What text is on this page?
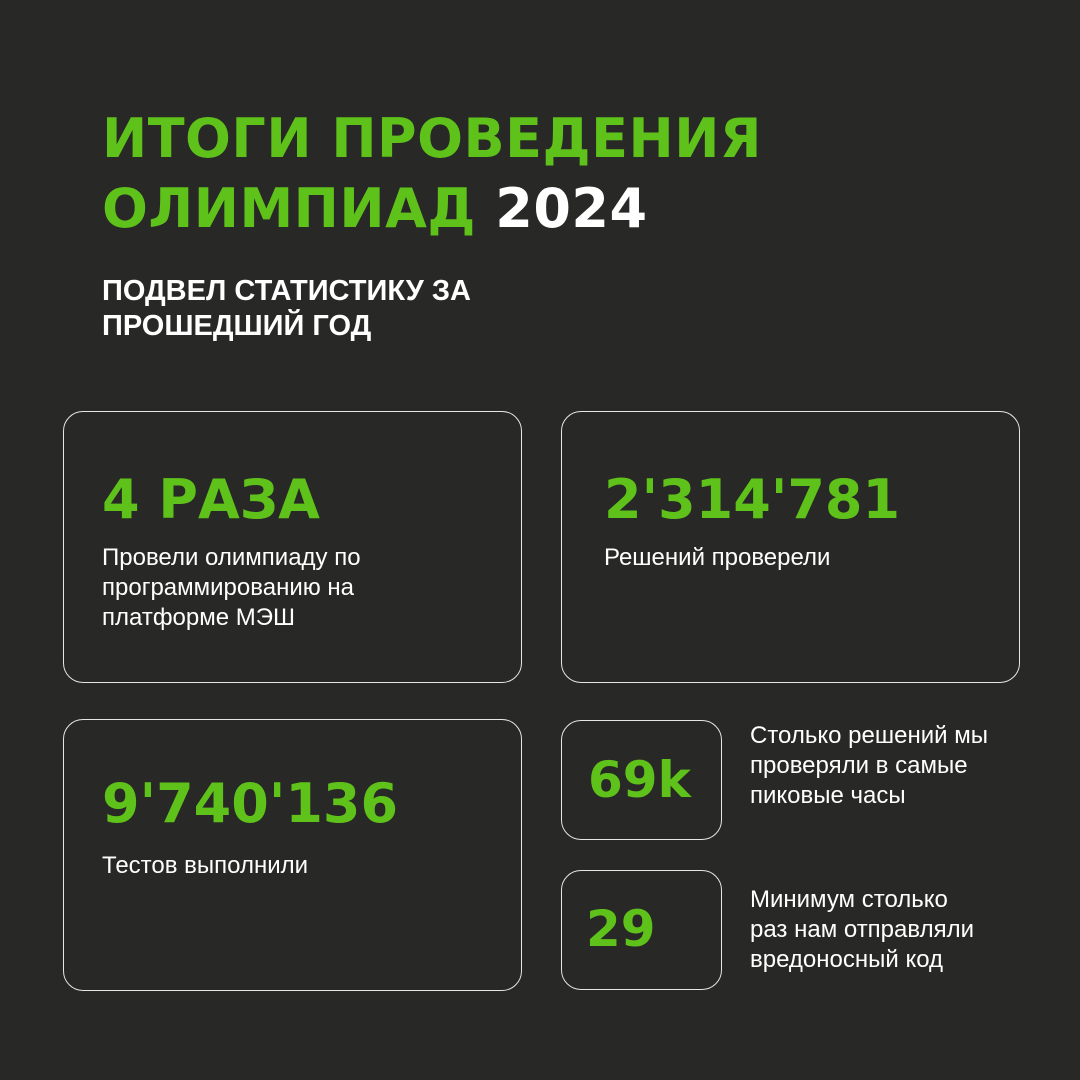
ИТОГИ ПРОВЕДЕНИЯ
ОЛИМПИАД 2024
ПОДВЕЛ СТАТИСТИКУ ЗА
ПРОШЕДШИЙ ГОД

4 РАЗА

Провели олимпиаду по
программированию на
платформе МЭШ

2'314'781

Решений проверели

9'740'136

Тестов выполнили

69k

Столько решений мы
проверяли в самые
пиковые часы

29

Минимум столько
раз нам отправляли
вредоносный код
